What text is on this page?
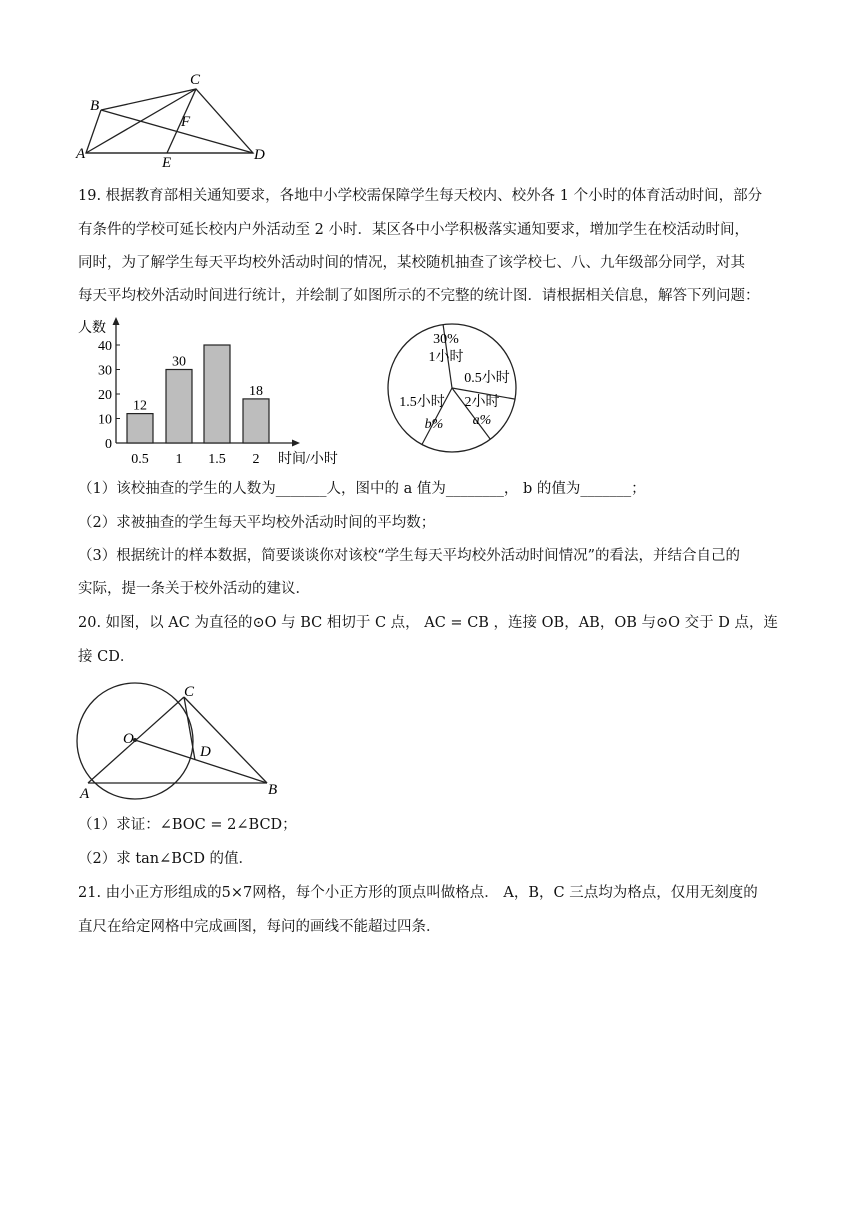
B
C
F
A
E	D
19. 根据教育部相关通知要求，各地中小学校需保障学生每天校内、校外各 1 个小时的体育活动时间，部分
有条件的学校可延长校内户外活动至 2 小时．某区各中小学积极落实通知要求，增加学生在校活动时间，
同时，为了解学生每天平均校外活动时间的情况，某校随机抽查了该学校七、八、九年级部分同学，对其
每天平均校外活动时间进行统计，并绘制了如图所示的不完整的统计图．请根据相关信息，解答下列问题：
人数
0
10
20
30
40
12
0.5
30
1 1.5
18
2 时间/小时
1小时
30%
0.5小时
2小时
a%
1.5小时
b%
（1）该校抽查的学生的人数为_______人，图中的 a 值为________， b 的值为_______；
（2）求被抽查的学生每天平均校外活动时间的平均数；
（3）根据统计的样本数据，简要谈谈你对该校“学生每天平均校外活动时间情况”的看法，并结合自己的
实际，提一条关于校外活动的建议．
20. 如图，以 AC 为直径的⊙O 与 BC 相切于 C 点， AC = CB ，连接 OB，AB，OB 与⊙O 交于 D 点，连
接 CD．
C
O
D
A	B
（1）求证：∠BOC = 2∠BCD；
（2）求 tan∠BCD 的值．
21. 由小正方形组成的5×7网格，每个小正方形的顶点叫做格点． A，B，C 三点均为格点，仅用无刻度的
直尺在给定网格中完成画图，每问的画线不能超过四条．
